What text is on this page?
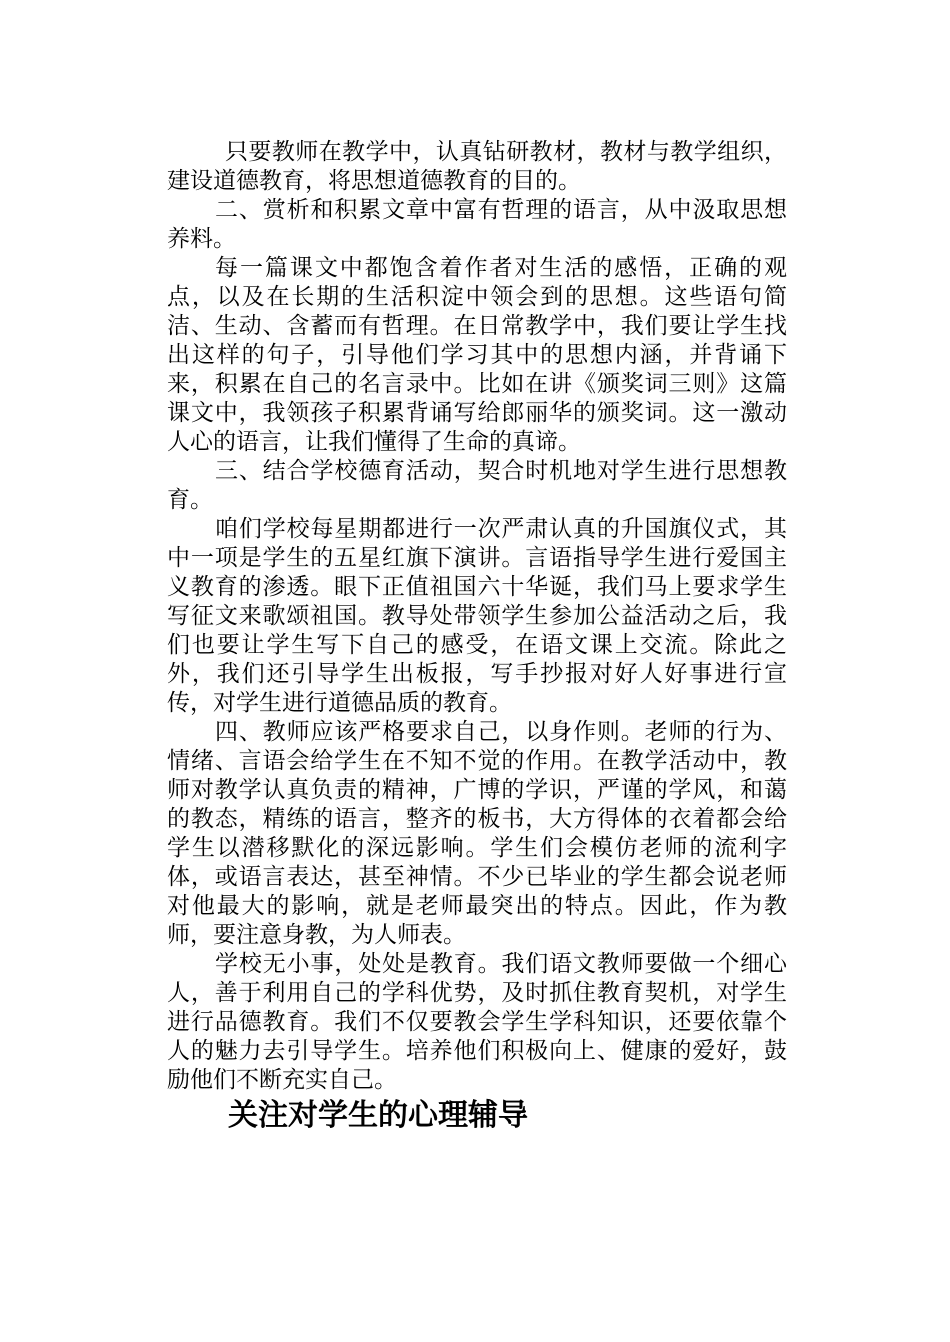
只要教师在教学中，认真钻研教材，教材与教学组织，建设道德教育，将思想道德教育的目的。

二、赏析和积累文章中富有哲理的语言，从中汲取思想养料。

每一篇课文中都饱含着作者对生活的感悟，正确的观点，以及在长期的生活积淀中领会到的思想。这些语句简洁、生动、含蓄而有哲理。在日常教学中，我们要让学生找出这样的句子，引导他们学习其中的思想内涵，并背诵下来，积累在自己的名言录中。比如在讲《颁奖词三则》这篇课文中，我领孩子积累背诵写给郎丽华的颁奖词。这一激动人心的语言，让我们懂得了生命的真谛。

三、结合学校德育活动，契合时机地对学生进行思想教育。

咱们学校每星期都进行一次严肃认真的升国旗仪式，其中一项是学生的五星红旗下演讲。言语指导学生进行爱国主义教育的渗透。眼下正值祖国六十华诞，我们马上要求学生写征文来歌颂祖国。教导处带领学生参加公益活动之后，我们也要让学生写下自己的感受，在语文课上交流。除此之外，我们还引导学生出板报，写手抄报对好人好事进行宣传，对学生进行道德品质的教育。

四、教师应该严格要求自己，以身作则。老师的行为、情绪、言语会给学生在不知不觉的作用。在教学活动中，教师对教学认真负责的精神，广博的学识，严谨的学风，和蔼的教态，精练的语言，整齐的板书，大方得体的衣着都会给学生以潜移默化的深远影响。学生们会模仿老师的流利字体，或语言表达，甚至神情。不少已毕业的学生都会说老师对他最大的影响，就是老师最突出的特点。因此，作为教师，要注意身教，为人师表。

学校无小事，处处是教育。我们语文教师要做一个细心人，善于利用自己的学科优势，及时抓住教育契机，对学生进行品德教育。我们不仅要教会学生学科知识，还要依靠个人的魅力去引导学生。培养他们积极向上、健康的爱好，鼓励他们不断充实自己。

关注对学生的心理辅导
